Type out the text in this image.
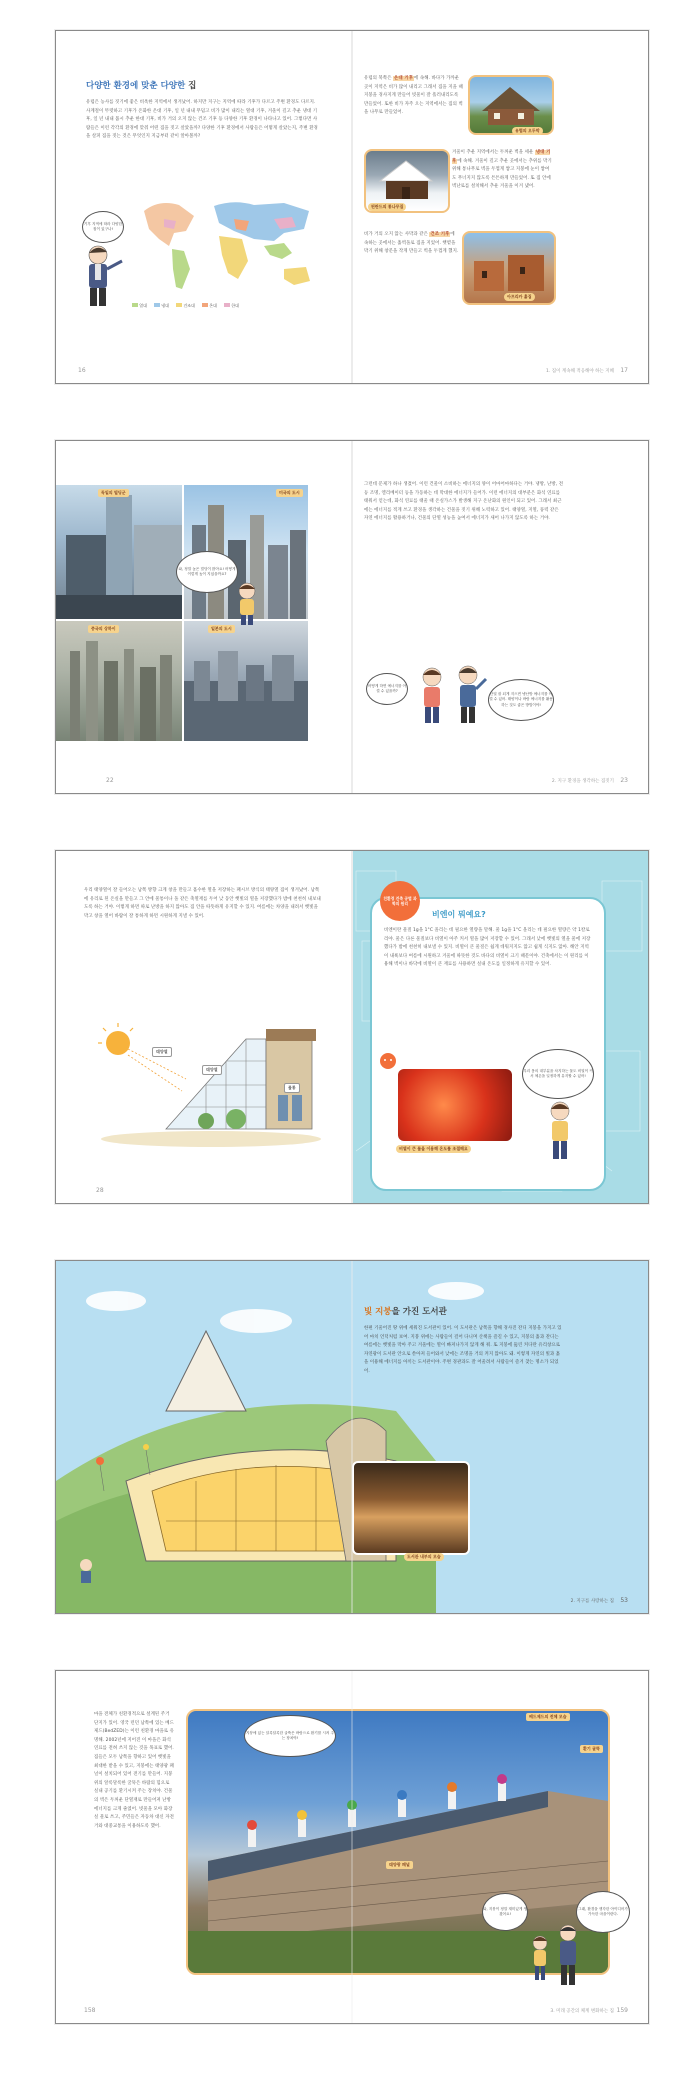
다양한 환경에 맞춘 다양한 집
유럽은 농사를 짓기에 좋은 비옥한 지역에서 생겨났어. 하지만 지구는 지역에 따라 기후가 다르고 주변 환경도 다르지. 사계절이 뚜렷하고 기후가 온화한 온대 기후, 일 년 내내 무덥고 비가 많이 내리는 열대 기후, 겨울이 길고 추운 냉대 기후, 일 년 내내 몹시 추운 한대 기후, 비가 거의 오지 않는 건조 기후 등 다양한 기후 환경이 나타나고 있어. 그렇다면 사람들은 이런 각각의 환경에 맞춰 어떤 집을 짓고 살았을까? 다양한 기후 환경에서 사람들은 어떻게 살았는지, 주변 환경을 살펴 집을 짓는 것은 무엇인지 지금부터 같이 알아볼까?
열대	냉대	건조대	온대	한대
기후 지역에 따라 다양한 집이 있구나!
16
유럽의 북쪽은 온대 기후에 속해. 바다가 가까운 곳이 지역은 비가 많이 내리고 그래서 집을 지을 때 지붕을 경사지게 만들어 빗물이 잘 흘러내리도록 만들었어. 또한 비가 자주 오는 지역에서는 집의 벽을 나무로 만들었어.
유럽의 오두막
핀란드의 통나무집
겨울이 추운 지역에서는 두꺼운 벽을 세운 냉대 기후에 속해. 겨울이 길고 추운 곳에서는 추위를 막기 위해 통나무로 벽을 두껍게 쌓고 지붕에 눈이 쌓여도 무너지지 않도록 튼튼하게 만들었어. 또 집 안에 벽난로를 설치해서 추운 겨울을 이겨 냈어.
비가 거의 오지 않는 사막과 같은 건조 기후에 속하는 곳에서는 흙벽돌로 집을 지었어. 햇볕을 막기 위해 창문을 작게 만들고 벽을 두껍게 했지.
아프리카 흙집
1. 집이 계속해 적응해야 하는 지혜 17
독일의 빌딩군	미국의 도시
중국의 상하이	일본의 도시
와, 정말 높은 빌딩이 많아요! 어떻게 이렇게 높이 지었을까요?
22
그런데 문제가 하나 생겼어. 이런 건물이 소비하는 에너지의 양이 어마어마하다는 거야. 냉방, 난방, 전등 조명, 엘리베이터 등을 가동하는 데 막대한 에너지가 들어가. 이런 에너지의 대부분은 화석 연료를 태워서 얻는데, 화석 연료를 태울 때 온실가스가 발생해 지구 온난화의 원인이 되고 있어. 그래서 최근에는 에너지를 적게 쓰고 환경을 생각하는 건물을 짓기 위해 노력하고 있어. 태양열, 지열, 풍력 같은 자연 에너지를 활용하거나, 건물의 단열 성능을 높여서 에너지가 새어 나가지 않도록 하는 거야.
어떻게 하면 에너지를 아낄 수 있을까?
단열 잘 되게 지으면 냉난방 에너지를 아낄 수 있어. 태양이나 바람 에너지를 활용하는 것도 좋은 방법이야!
2. 지구 환경을 생각하는 집짓기 23
우리 태양열이 잘 들어오는 남쪽 방향 크게 창을 만들고 흡수한 열을 저장하는 패시브 방식의 태양열 집이 생겨났어. 남쪽에 유리로 된 온실을 만들고 그 안에 물통이나 돌 같은 축열재를 두어 낮 동안 햇빛의 열을 저장했다가 밤에 천천히 내보내도록 하는 거야. 이렇게 하면 따로 난방을 하지 않아도 집 안을 따뜻하게 유지할 수 있지. 여름에는 차양을 내려서 햇빛을 막고 창을 열어 바람이 잘 통하게 하면 시원하게 지낼 수 있어.
태양열
태양열
물통
28
친환경 건축 공법 과학의 원리
비엔이 뭐예요?
비엔이란 물질 1g을 1°C 올리는 데 필요한 열량을 말해. 물 1g을 1°C 올리는 데 필요한 열량은 약 1칼로리야. 물은 다른 물질보다 비열이 아주 커서 열을 많이 저장할 수 있어. 그래서 낮에 햇빛의 열을 물에 저장했다가 밤에 천천히 내보낼 수 있지. 비열이 큰 물질은 쉽게 데워지지도 않고 쉽게 식지도 않아. 해안 지역이 내륙보다 여름에 시원하고 겨울에 따뜻한 것도 바다의 비열이 크기 때문이야. 건축에서는 이 원리를 이용해 벽이나 바닥에 비열이 큰 재료를 사용하면 실내 온도를 일정하게 유지할 수 있어.
비열이 큰 물을 이용해 온도를 조절해요
우리 몸의 대부분을 차지하는 물도 비열이 커서 체온을 일정하게 유지할 수 있어!
빛 지붕을 가진 도서관
한편 기울어진 땅 위에 세워진 도서관이 있어. 이 도서관은 남쪽을 향해 경사진 잔디 지붕을 가지고 있어 마치 언덕처럼 보여. 지붕 위에는 사람들이 걸어 다니며 산책을 즐길 수 있고, 지붕의 흙과 잔디는 여름에는 햇빛을 막아 주고 겨울에는 열이 빠져나가지 않게 해 줘. 또 지붕에 뚫린 커다란 유리창으로 자연광이 도서관 안으로 쏟아져 들어와서 낮에는 조명을 거의 켜지 않아도 돼. 이렇게 자연의 빛과 흙을 이용해 에너지를 아끼는 도서관이야. 주변 경관과도 잘 어울려서 사람들이 즐겨 찾는 명소가 되었어.
도서관 내부의 모습
2. 지구를 사랑하는 집 53
마을 전체가 친환경적으로 설계된 주거 단지가 있어. 영국 런던 남쪽에 있는 베드제드(BedZED)는 이런 친환경 마을로 유명해. 2002년에 지어진 이 마을은 화석 연료를 전혀 쓰지 않는 것을 목표로 했어. 집들은 모두 남쪽을 향하고 있어 햇빛을 최대한 받을 수 있고, 지붕에는 태양광 패널이 설치되어 있어 전기를 만들어. 지붕 위의 알록달록한 굴뚝은 바람의 힘으로 실내 공기를 환기시켜 주는 장치야. 건물의 벽은 두꺼운 단열재로 만들어져 난방 에너지를 크게 줄였어. 빗물을 모아 화장실 물로 쓰고, 주민들은 자동차 대신 자전거와 대중교통을 이용하도록 했어.
158
베드제드의 전체 모습
지붕에 있는 알록달록한 굴뚝은 바람으로 환기를 시켜 주는 장치야!
환기 굴뚝
태양광 패널
와, 지붕이 정말 재미있게 생겼어요!
그래, 환경을 생각한 아이디어가 가득한 마을이란다.
3. 미래 공간의 체계 변화하는 집 159
